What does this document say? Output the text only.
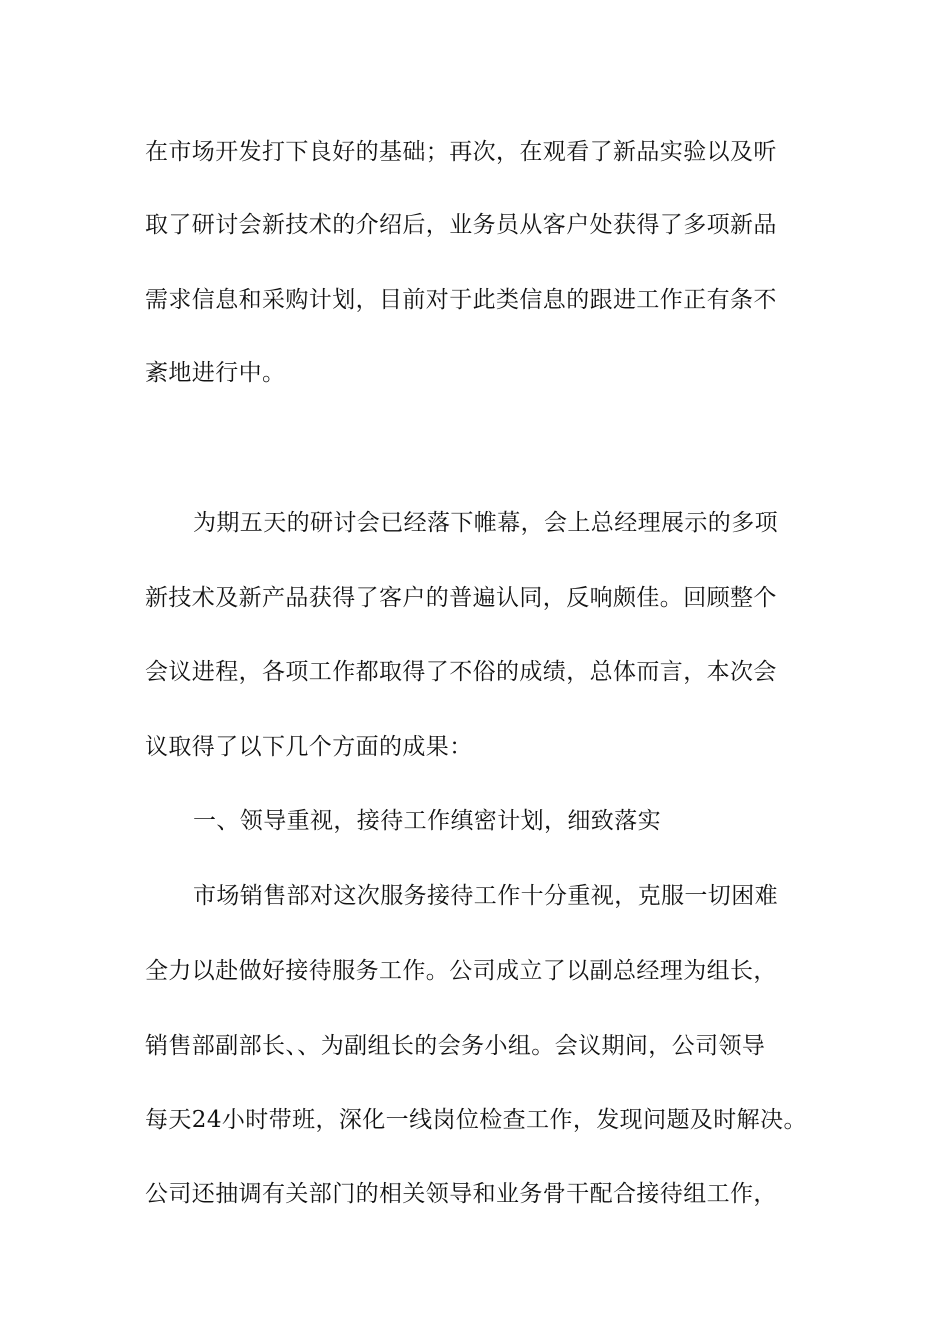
在市场开发打下良好的基础；再次，在观看了新品实验以及听
取了研讨会新技术的介绍后，业务员从客户处获得了多项新品
需求信息和采购计划，目前对于此类信息的跟进工作正有条不
紊地进行中。
为期五天的研讨会已经落下帷幕，会上总经理展示的多项
新技术及新产品获得了客户的普遍认同，反响颇佳。回顾整个
会议进程，各项工作都取得了不俗的成绩，总体而言，本次会
议取得了以下几个方面的成果：
一、领导重视，接待工作缜密计划，细致落实
市场销售部对这次服务接待工作十分重视，克服一切困难
全力以赴做好接待服务工作。公司成立了以副总经理为组长，
销售部副部长、、为副组长的会务小组。会议期间，公司领导
每天24小时带班，深化一线岗位检查工作，发现问题及时解决。
公司还抽调有关部门的相关领导和业务骨干配合接待组工作，
